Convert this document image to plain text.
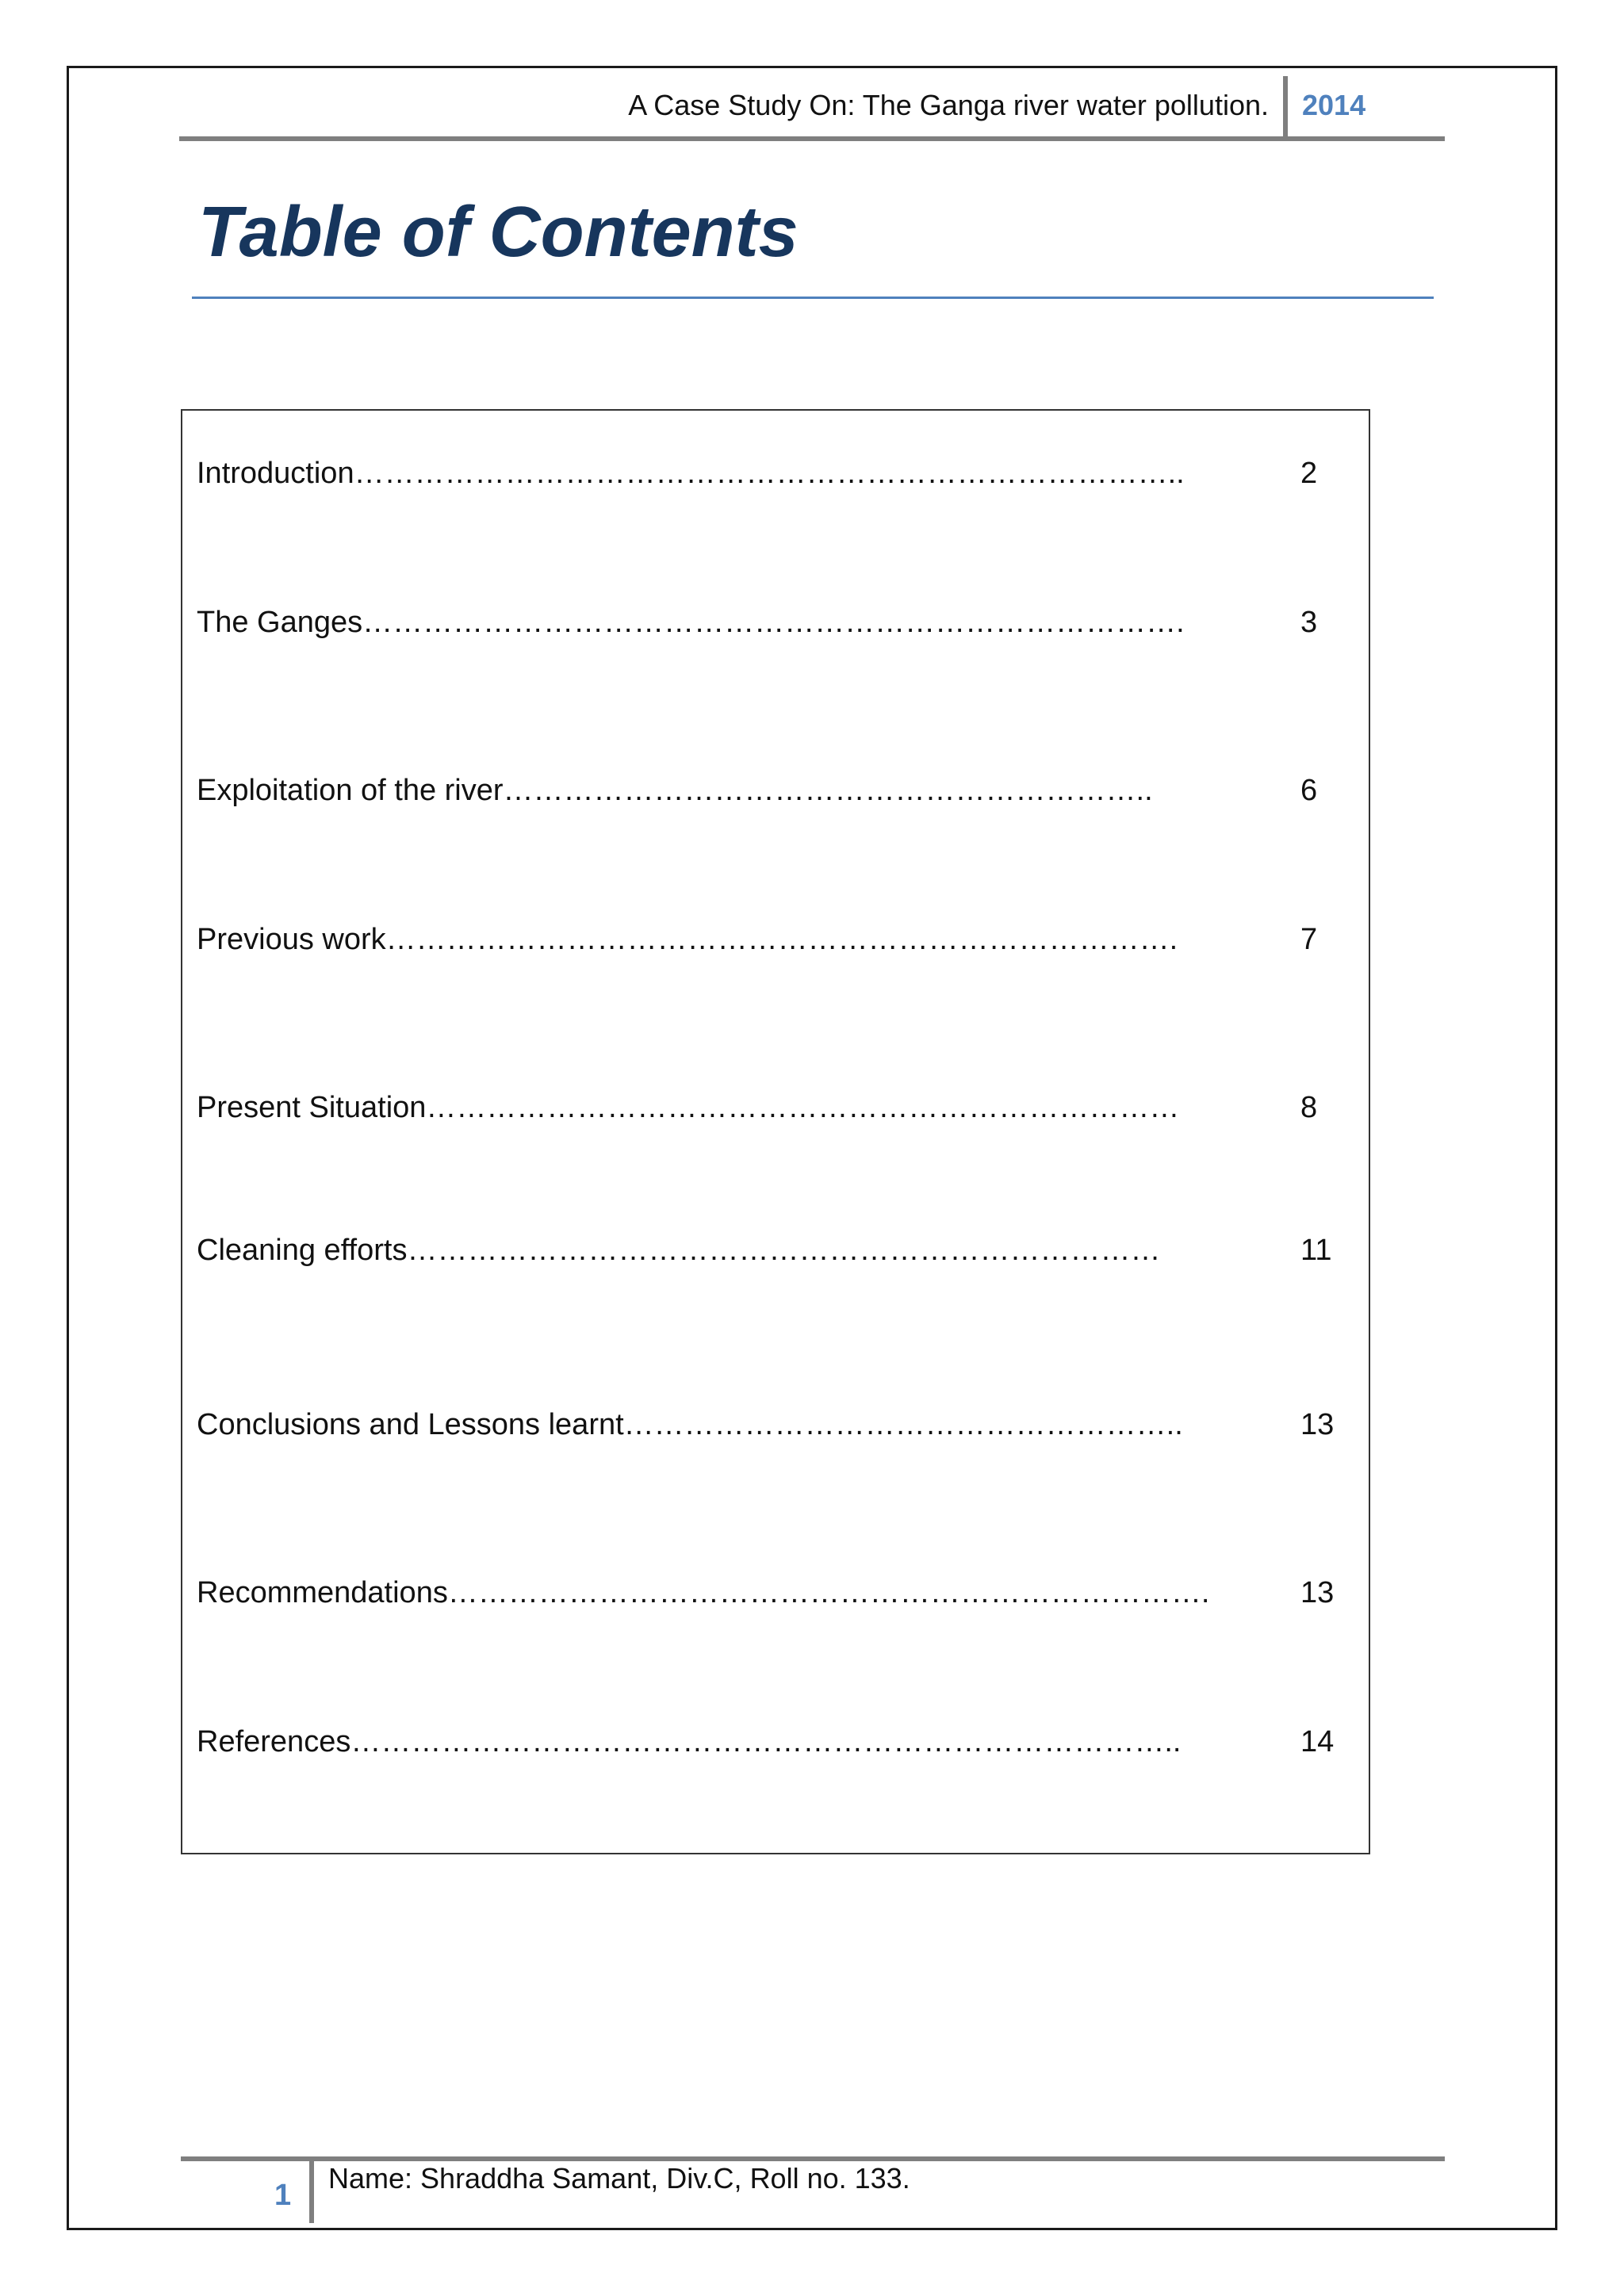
A Case Study On: The Ganga river water pollution. 2014
Table of Contents
Introduction………………………………………………………………………..	2
The Ganges……………………………………………………………………….	3
Exploitation of the river………………………………………………………..	6
Previous work…………………………………………………………………….	7
Present Situation…………………………………………………………………	8
Cleaning efforts…………………………………………………………………	11
Conclusions and Lessons learnt………………………………………………..	13
Recommendations………………………………………………………………….	13
References………………………………………………………………………..	14
1
Name: Shraddha Samant, Div.C, Roll no. 133.
